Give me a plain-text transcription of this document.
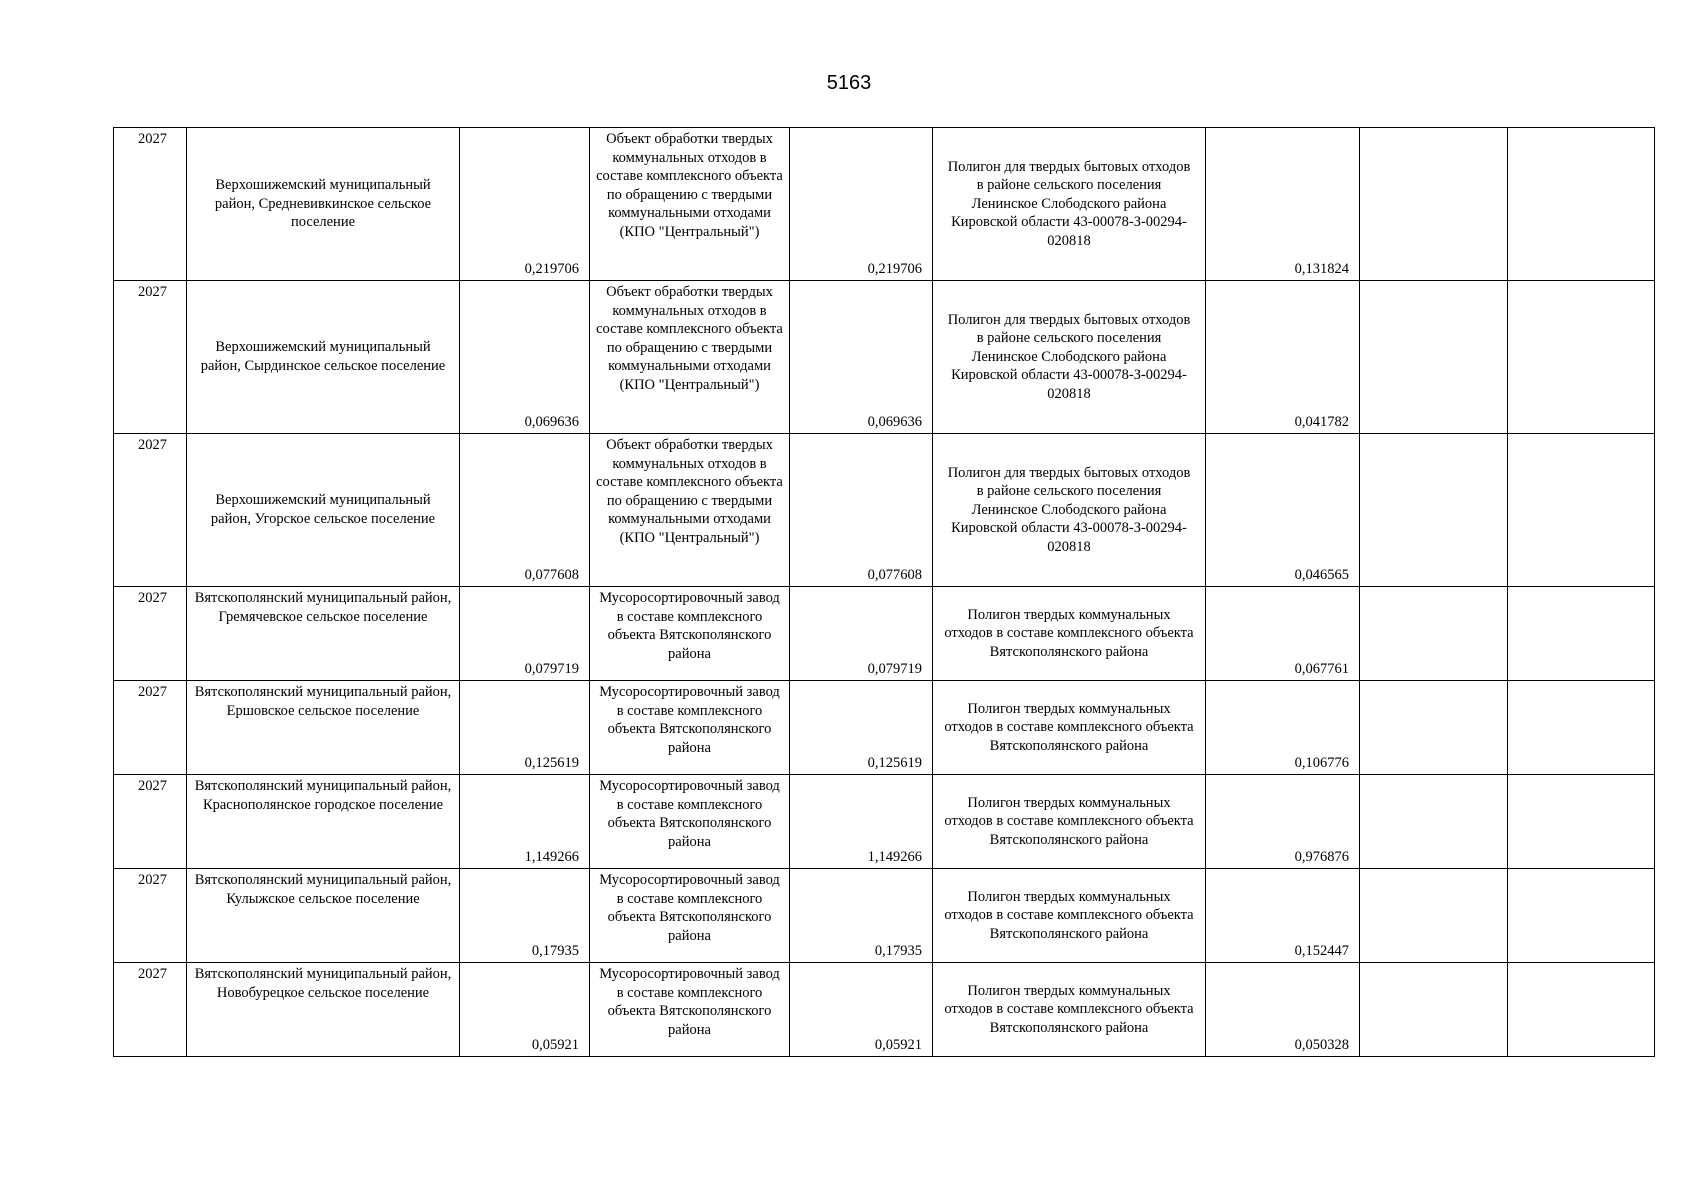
5163
2027	Верхошижемский муниципальный район, Средневивкинское сельское поселение	0,219706	Объект обработки твердых коммунальных отходов в составе комплексного объекта по обращению с твердыми коммунальными отходами (КПО "Центральный")	0,219706	Полигон для твердых бытовых отходов в районе сельского поселения Ленинское Слободского района Кировской области 43-00078-З-00294-020818	0,131824		

2027	Верхошижемский муниципальный район, Сырдинское сельское поселение	0,069636	Объект обработки твердых коммунальных отходов в составе комплексного объекта по обращению с твердыми коммунальными отходами (КПО "Центральный")	0,069636	Полигон для твердых бытовых отходов в районе сельского поселения Ленинское Слободского района Кировской области 43-00078-З-00294-020818	0,041782		

2027	Верхошижемский муниципальный район, Угорское сельское поселение	0,077608	Объект обработки твердых коммунальных отходов в составе комплексного объекта по обращению с твердыми коммунальными отходами (КПО "Центральный")	0,077608	Полигон для твердых бытовых отходов в районе сельского поселения Ленинское Слободского района Кировской области 43-00078-З-00294-020818	0,046565		

2027	Вятскополянский муниципальный район, Гремячевское сельское поселение	0,079719	Мусоросортировочный завод в составе комплексного объекта Вятскополянского района	0,079719	Полигон твердых коммунальных отходов в составе комплексного объекта Вятскополянского района	0,067761		

2027	Вятскополянский муниципальный район, Ершовское сельское поселение	0,125619	Мусоросортировочный завод в составе комплексного объекта Вятскополянского района	0,125619	Полигон твердых коммунальных отходов в составе комплексного объекта Вятскополянского района	0,106776		

2027	Вятскополянский муниципальный район, Краснополянское городское поселение	1,149266	Мусоросортировочный завод в составе комплексного объекта Вятскополянского района	1,149266	Полигон твердых коммунальных отходов в составе комплексного объекта Вятскополянского района	0,976876		

2027	Вятскополянский муниципальный район, Кулыжское сельское поселение	0,17935	Мусоросортировочный завод в составе комплексного объекта Вятскополянского района	0,17935	Полигон твердых коммунальных отходов в составе комплексного объекта Вятскополянского района	0,152447		

2027	Вятскополянский муниципальный район, Новобурецкое сельское поселение	0,05921	Мусоросортировочный завод в составе комплексного объекта Вятскополянского района	0,05921	Полигон твердых коммунальных отходов в составе комплексного объекта Вятскополянского района	0,050328		
